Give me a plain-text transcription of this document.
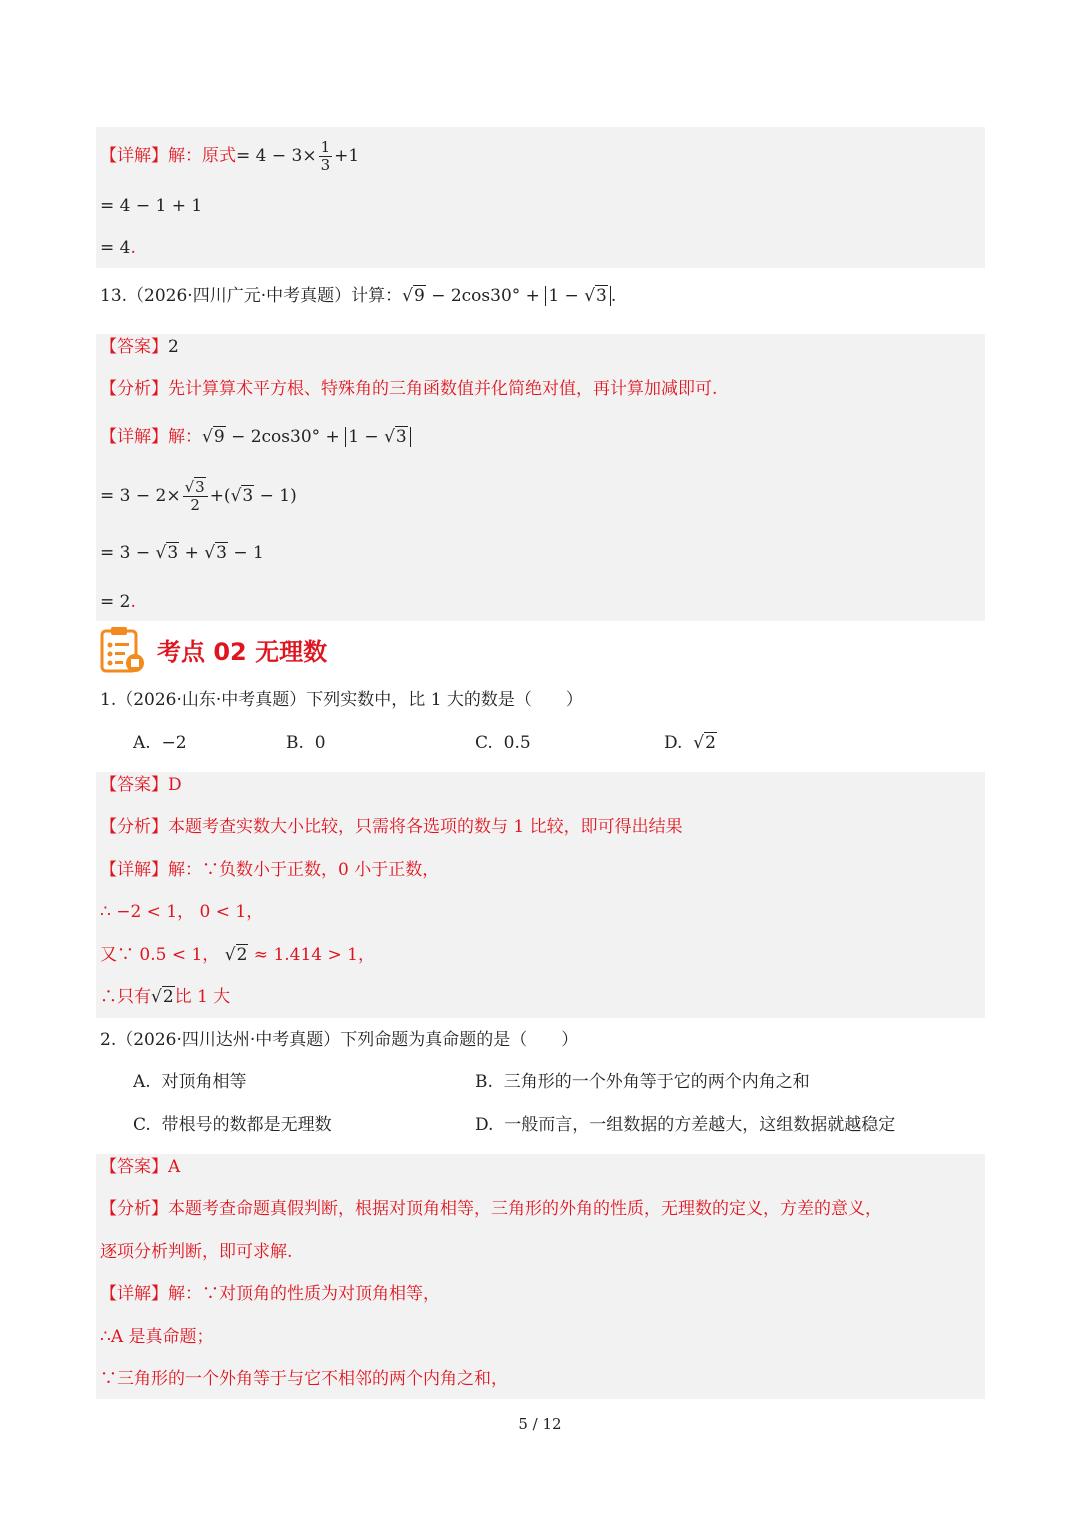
【详解】解：原式= $4 - 3\times \frac{1}{3} +1$
= 4 − 1 + 1
= 4.
13.（2026·四川广元·中考真题）计算：√9 − 2cos30° + 1 − √3 .
【答案】2
【分析】先计算算术平方根、特殊角的三角函数值并化简绝对值，再计算加减即可.
【详解】解：√9 − 2cos30° + 1 − √3
= $3 - 2\times \frac{√3}{2} +(√3 - 1)$
= 3 − √3 + √3 − 1
= 2.
考点 02 无理数
1.（2026·山东·中考真题）下列实数中，比 1 大的数是（　　）
A. −2	B. 0	C. 0.5	D.  √2
【答案】D
【分析】本题考查实数大小比较，只需将各选项的数与 1 比较，即可得出结果
【详解】解：∵负数小于正数，0 小于正数，
∴ −2 < 1， 0 < 1，
又∵ 0.5 < 1， √2 ≈ 1.414 > 1，
∴只有√2比 1 大
2.（2026·四川达州·中考真题）下列命题为真命题的是（　　）
A. 对顶角相等	B. 三角形的一个外角等于它的两个内角之和
C. 带根号的数都是无理数	D. 一般而言，一组数据的方差越大，这组数据就越稳定
【答案】A
【分析】本题考查命题真假判断，根据对顶角相等，三角形的外角的性质，无理数的定义，方差的意义，
逐项分析判断，即可求解.
【详解】解：∵对顶角的性质为对顶角相等，
∴A 是真命题；
∵三角形的一个外角等于与它不相邻的两个内角之和，
5 / 12
